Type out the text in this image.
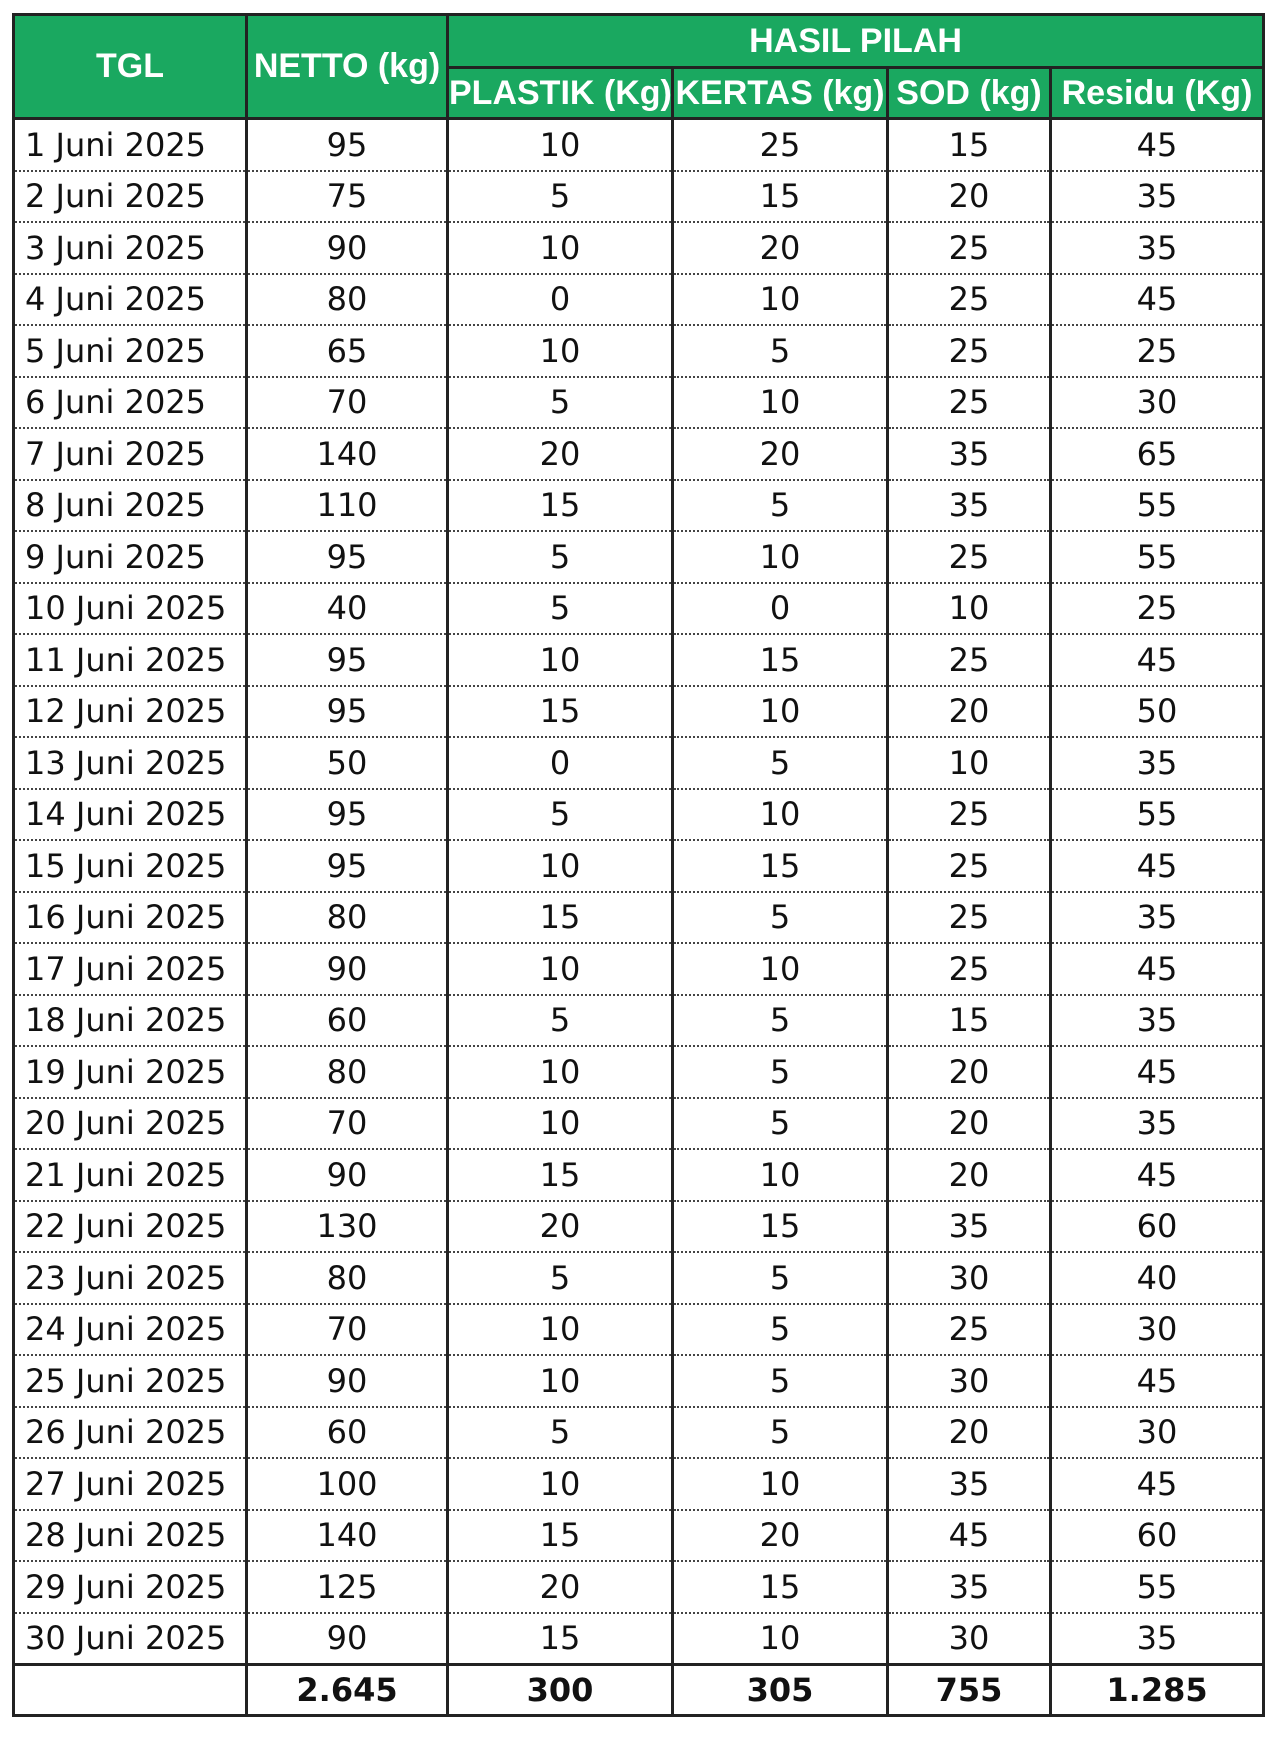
TGL	NETTO (kg)	HASIL PILAH			
		PLASTIK (Kg)	KERTAS (kg)	SOD (kg)	Residu (Kg)
1 Juni 2025	95	10	25	15	45
2 Juni 2025	75	5	15	20	35
3 Juni 2025	90	10	20	25	35
4 Juni 2025	80	0	10	25	45
5 Juni 2025	65	10	5	25	25
6 Juni 2025	70	5	10	25	30
7 Juni 2025	140	20	20	35	65
8 Juni 2025	110	15	5	35	55
9 Juni 2025	95	5	10	25	55
10 Juni 2025	40	5	0	10	25
11 Juni 2025	95	10	15	25	45
12 Juni 2025	95	15	10	20	50
13 Juni 2025	50	0	5	10	35
14 Juni 2025	95	5	10	25	55
15 Juni 2025	95	10	15	25	45
16 Juni 2025	80	15	5	25	35
17 Juni 2025	90	10	10	25	45
18 Juni 2025	60	5	5	15	35
19 Juni 2025	80	10	5	20	45
20 Juni 2025	70	10	5	20	35
21 Juni 2025	90	15	10	20	45
22 Juni 2025	130	20	15	35	60
23 Juni 2025	80	5	5	30	40
24 Juni 2025	70	10	5	25	30
25 Juni 2025	90	10	5	30	45
26 Juni 2025	60	5	5	20	30
27 Juni 2025	100	10	10	35	45
28 Juni 2025	140	15	20	45	60
29 Juni 2025	125	20	15	35	55
30 Juni 2025	90	15	10	30	35
	2.645	300	305	755	1.285
